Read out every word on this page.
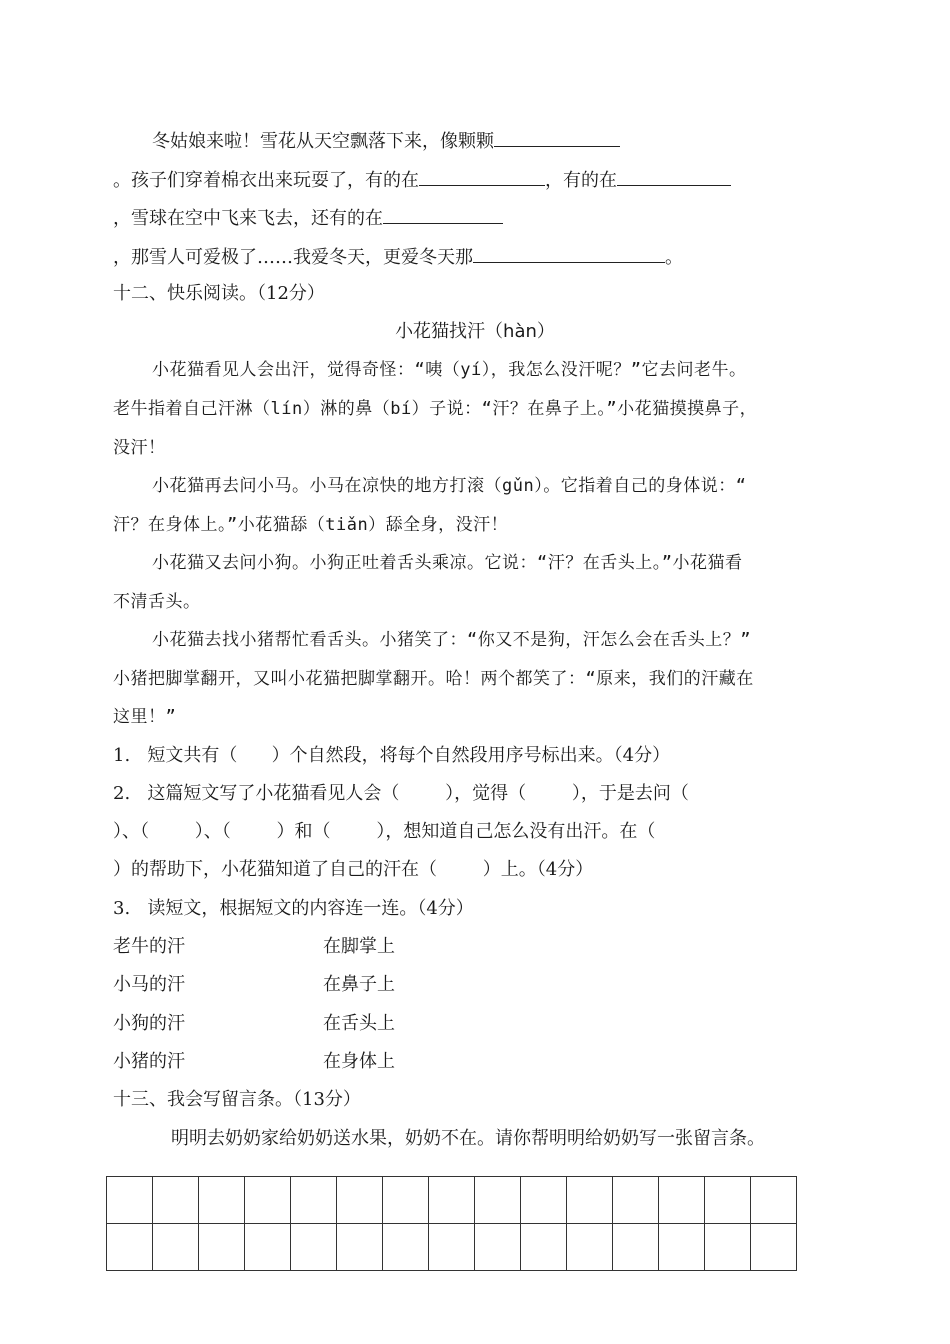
冬姑娘来啦！雪花从天空飘落下来，像颗颗
。孩子们穿着棉衣出来玩耍了，有的在	，有的在
，雪球在空中飞来飞去，还有的在
，那雪人可爱极了……我爱冬天，更爱冬天那	。
十二、快乐阅读。（12分）
小花猫找汗（hàn）
小花猫看见人会出汗，觉得奇怪：“咦（yí），我怎么没汗呢？”它去问老牛。
老牛指着自己汗淋（lín）淋的鼻（bí）子说：“汗？在鼻子上。”小花猫摸摸鼻子，
没汗！
小花猫再去问小马。小马在凉快的地方打滚（gǔn）。它指着自己的身体说：“
汗？在身体上。”小花猫舔（tiǎn）舔全身，没汗！
小花猫又去问小狗。小狗正吐着舌头乘凉。它说：“汗？在舌头上。”小花猫看
不清舌头。
小花猫去找小猪帮忙看舌头。小猪笑了：“你又不是狗，汗怎么会在舌头上？”
小猪把脚掌翻开，又叫小花猫把脚掌翻开。哈！两个都笑了：“原来，我们的汗藏在
这里！”
1.   短文共有（      ）个自然段，将每个自然段用序号标出来。（4分）
2.   这篇短文写了小花猫看见人会（        ），觉得（        ），于是去问（
）、（        ）、（        ）和（        ），想知道自己怎么没有出汗。在（
）的帮助下，小花猫知道了自己的汗在（        ）上。（4分）
3.   读短文，根据短文的内容连一连。（4分）
老牛的汗	在脚掌上
小马的汗	在鼻子上
小狗的汗	在舌头上
小猪的汗	在身体上
十三、我会写留言条。（13分）
明明去奶奶家给奶奶送水果，奶奶不在。请你帮明明给奶奶写一张留言条。
